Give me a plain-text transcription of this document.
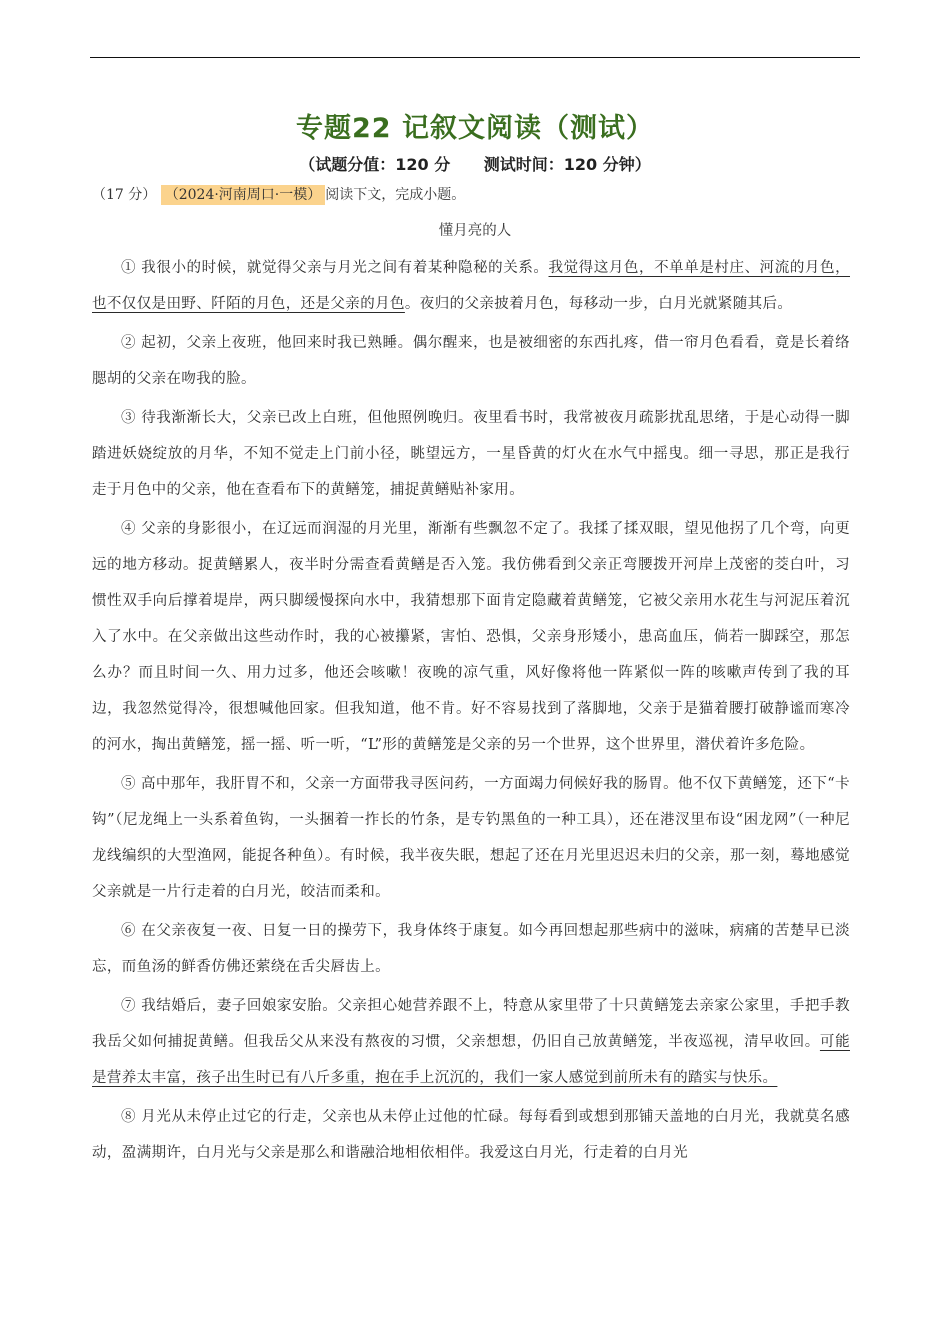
专题22 记叙文阅读（测试）
（试题分值：120 分 测试时间：120 分钟）
（17 分） （2024·河南周口·一模） 阅读下文，完成小题。
懂月亮的人

① 我很小的时候，就觉得父亲与月光之间有着某种隐秘的关系。我觉得这月色，不单单是村庄、河流的月色，也不仅仅是田野、阡陌的月色，还是父亲的月色。夜归的父亲披着月色，每移动一步，白月光就紧随其后。

② 起初，父亲上夜班，他回来时我已熟睡。偶尔醒来，也是被细密的东西扎疼，借一帘月色看看，竟是长着络腮胡的父亲在吻我的脸。

③ 待我渐渐长大，父亲已改上白班，但他照例晚归。夜里看书时，我常被夜月疏影扰乱思绪，于是心动得一脚踏进妖娆绽放的月华，不知不觉走上门前小径，眺望远方，一星昏黄的灯火在水气中摇曳。细一寻思，那正是我行走于月色中的父亲，他在查看布下的黄鳝笼，捕捉黄鳝贴补家用。

④ 父亲的身影很小，在辽远而润湿的月光里，渐渐有些飘忽不定了。我揉了揉双眼，望见他拐了几个弯，向更远的地方移动。捉黄鳝累人，夜半时分需查看黄鳝是否入笼。我仿佛看到父亲正弯腰拨开河岸上茂密的茭白叶，习惯性双手向后撑着堤岸，两只脚缓慢探向水中，我猜想那下面肯定隐藏着黄鳝笼，它被父亲用水花生与河泥压着沉入了水中。在父亲做出这些动作时，我的心被攥紧，害怕、恐惧，父亲身形矮小，患高血压，倘若一脚踩空，那怎么办？而且时间一久、用力过多，他还会咳嗽！夜晚的凉气重，风好像将他一阵紧似一阵的咳嗽声传到了我的耳边，我忽然觉得冷，很想喊他回家。但我知道，他不肯。好不容易找到了落脚地，父亲于是猫着腰打破静谧而寒冷的河水，掏出黄鳝笼，摇一摇、听一听，“L”形的黄鳝笼是父亲的另一个世界，这个世界里，潜伏着许多危险。

⑤ 高中那年，我肝胃不和，父亲一方面带我寻医问药，一方面竭力伺候好我的肠胃。他不仅下黄鳝笼，还下“卡钩”（尼龙绳上一头系着鱼钩，一头捆着一拃长的竹条，是专钓黑鱼的一种工具），还在港汊里布设“困龙网”（一种尼龙线编织的大型渔网，能捉各种鱼）。有时候，我半夜失眠，想起了还在月光里迟迟未归的父亲，那一刻，蓦地感觉父亲就是一片行走着的白月光，皎洁而柔和。

⑥ 在父亲夜复一夜、日复一日的操劳下，我身体终于康复。如今再回想起那些病中的滋味，病痛的苦楚早已淡忘，而鱼汤的鲜香仿佛还萦绕在舌尖唇齿上。

⑦ 我结婚后，妻子回娘家安胎。父亲担心她营养跟不上，特意从家里带了十只黄鳝笼去亲家公家里，手把手教我岳父如何捕捉黄鳝。但我岳父从来没有熬夜的习惯，父亲想想，仍旧自己放黄鳝笼，半夜巡视，清早收回。可能是营养太丰富，孩子出生时已有八斤多重，抱在手上沉沉的，我们一家人感觉到前所未有的踏实与快乐。

⑧ 月光从未停止过它的行走，父亲也从未停止过他的忙碌。每每看到或想到那铺天盖地的白月光，我就莫名感动，盈满期许，白月光与父亲是那么和谐融洽地相依相伴。我爱这白月光，行走着的白月光
